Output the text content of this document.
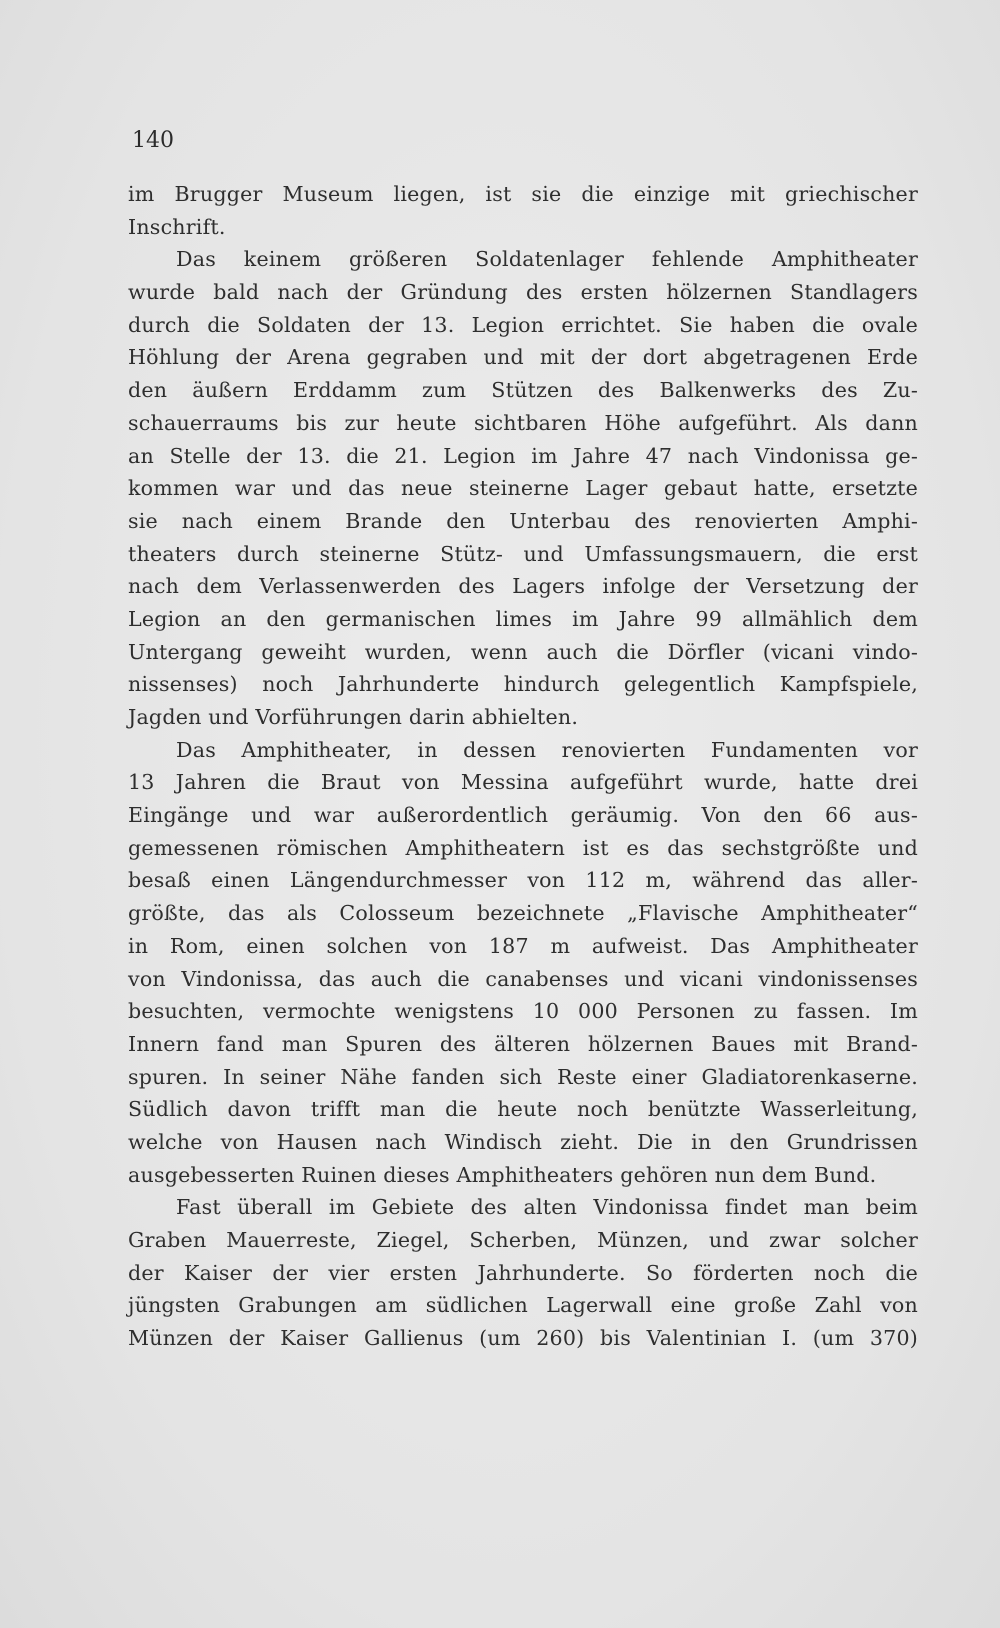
140
im Brugger Museum liegen, ist sie die einzige mit griechischer
Inschrift.
Das keinem größeren Soldatenlager fehlende Amphitheater
wurde bald nach der Gründung des ersten hölzernen Standlagers
durch die Soldaten der 13. Legion errichtet. Sie haben die ovale
Höhlung der Arena gegraben und mit der dort abgetragenen Erde
den äußern Erddamm zum Stützen des Balkenwerks des Zu-
schauerraums bis zur heute sichtbaren Höhe aufgeführt. Als dann
an Stelle der 13. die 21. Legion im Jahre 47 nach Vindonissa ge-
kommen war und das neue steinerne Lager gebaut hatte, ersetzte
sie nach einem Brande den Unterbau des renovierten Amphi-
theaters durch steinerne Stütz- und Umfassungsmauern, die erst
nach dem Verlassenwerden des Lagers infolge der Versetzung der
Legion an den germanischen limes im Jahre 99 allmählich dem
Untergang geweiht wurden, wenn auch die Dörfler (vicani vindo-
nissenses) noch Jahrhunderte hindurch gelegentlich Kampfspiele,
Jagden und Vorführungen darin abhielten.
Das Amphitheater, in dessen renovierten Fundamenten vor
13 Jahren die Braut von Messina aufgeführt wurde, hatte drei
Eingänge und war außerordentlich geräumig. Von den 66 aus-
gemessenen römischen Amphitheatern ist es das sechstgrößte und
besaß einen Längendurchmesser von 112 m, während das aller-
größte, das als Colosseum bezeichnete „Flavische Amphitheater“
in Rom, einen solchen von 187 m aufweist. Das Amphitheater
von Vindonissa, das auch die canabenses und vicani vindonissenses
besuchten, vermochte wenigstens 10 000 Personen zu fassen. Im
Innern fand man Spuren des älteren hölzernen Baues mit Brand-
spuren. In seiner Nähe fanden sich Reste einer Gladiatorenkaserne.
Südlich davon trifft man die heute noch benützte Wasserleitung,
welche von Hausen nach Windisch zieht. Die in den Grundrissen
ausgebesserten Ruinen dieses Amphitheaters gehören nun dem Bund.
Fast überall im Gebiete des alten Vindonissa findet man beim
Graben Mauerreste, Ziegel, Scherben, Münzen, und zwar solcher
der Kaiser der vier ersten Jahrhunderte. So förderten noch die
jüngsten Grabungen am südlichen Lagerwall eine große Zahl von
Münzen der Kaiser Gallienus (um 260) bis Valentinian I. (um 370)
